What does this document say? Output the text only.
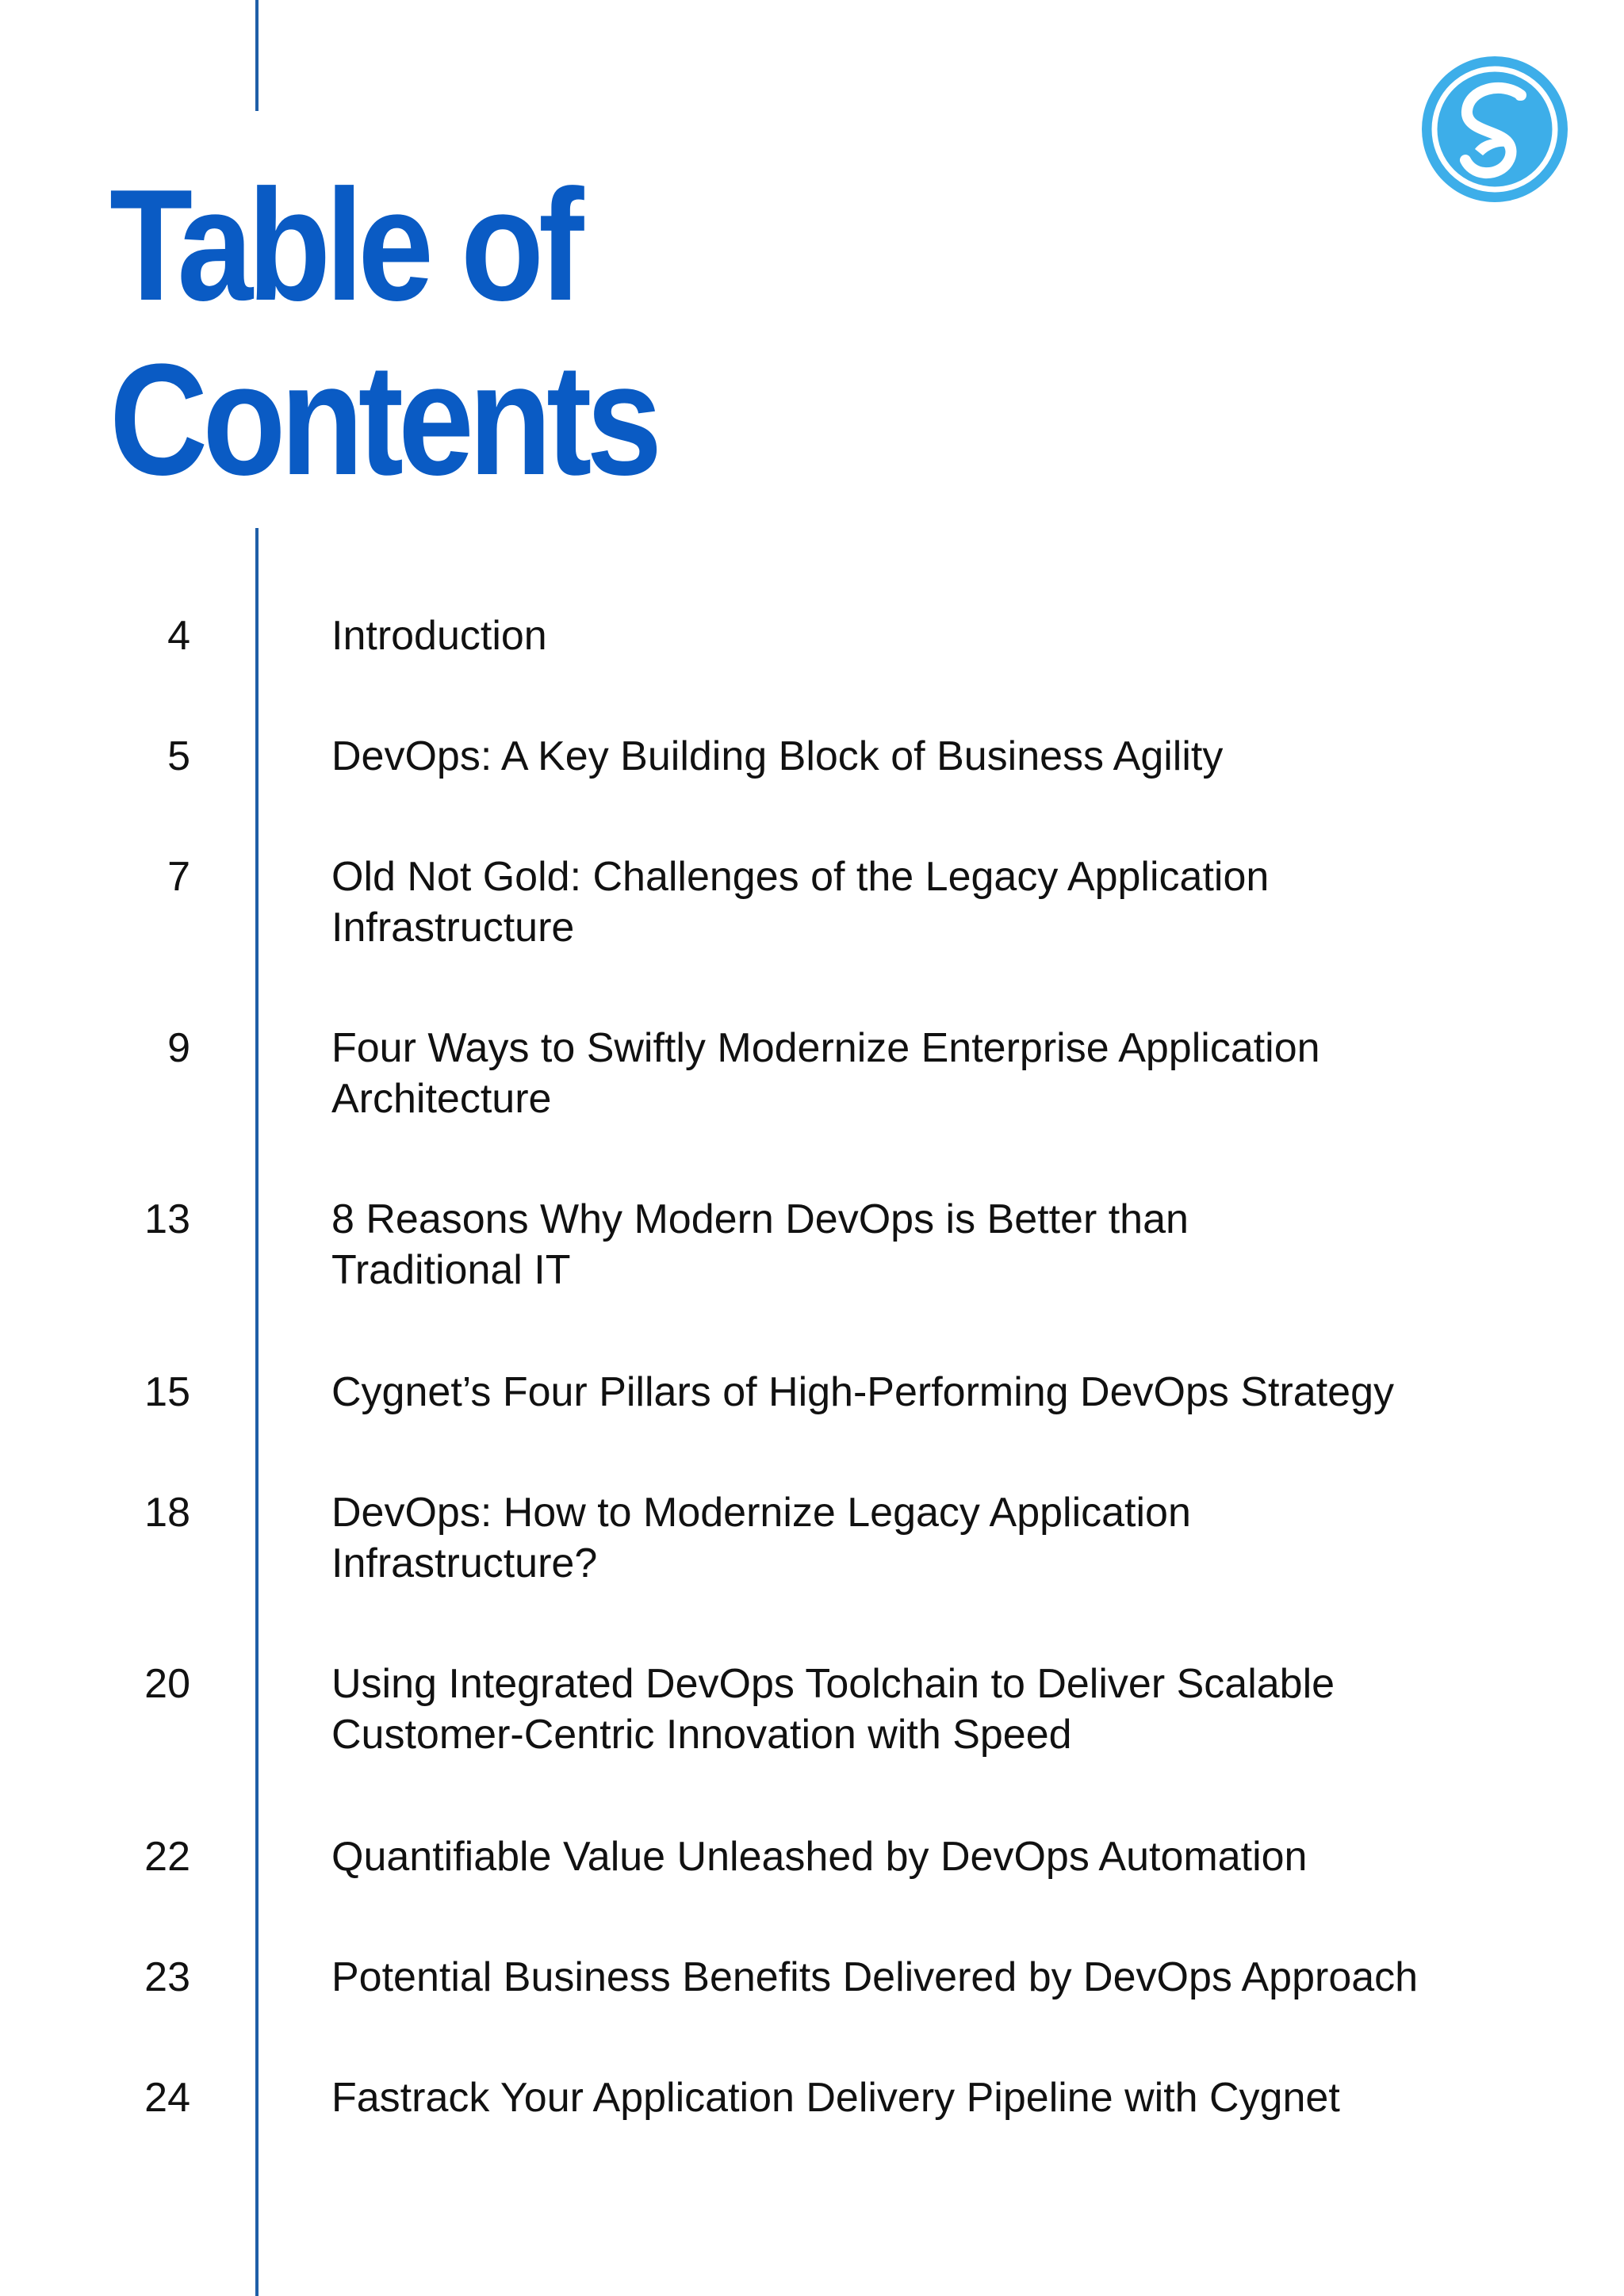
Table of
Contents
4	Introduction
5	DevOps: A Key Building Block of Business Agility
7	Old Not Gold: Challenges of the Legacy Application
Infrastructure
9	Four Ways to Swiftly Modernize Enterprise Application
Architecture
13	8 Reasons Why Modern DevOps is Better than
Traditional IT
15	Cygnet’s Four Pillars of High-Performing DevOps Strategy
18	DevOps: How to Modernize Legacy Application
Infrastructure?
20	Using Integrated DevOps Toolchain to Deliver Scalable
Customer-Centric Innovation with Speed
22	Quantifiable Value Unleashed by DevOps Automation
23	Potential Business Benefits Delivered by DevOps Approach
24	Fastrack Your Application Delivery Pipeline with Cygnet
